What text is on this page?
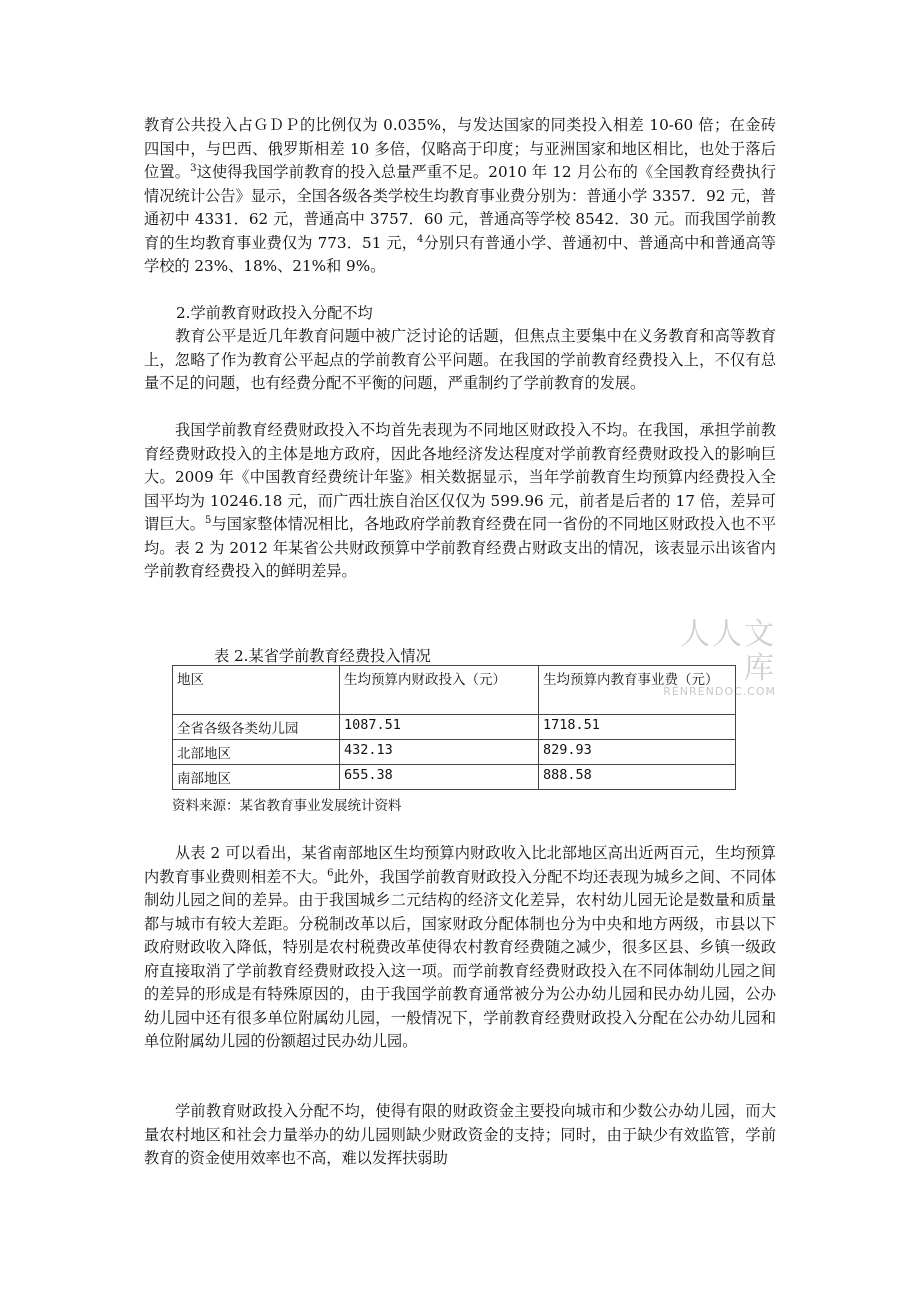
教育公共投入占ＧＤＰ的比例仅为 0.035%，与发达国家的同类投入相差 10-60 倍；在金砖四国中，与巴西、俄罗斯相差 10 多倍，仅略高于印度；与亚洲国家和地区相比，也处于落后位置。$^3$这使得我国学前教育的投入总量严重不足。2010 年 12 月公布的《全国教育经费执行情况统计公告》显示，全国各级各类学校生均教育事业费分别为：普通小学 3357．92 元，普通初中 4331．62 元，普通高中 3757．60 元，普通高等学校 8542．30 元。而我国学前教育的生均教育事业费仅为 773．51 元，$^4$分别只有普通小学、普通初中、普通高中和普通高等学校的 23%、18%、21%和 9%。

2.学前教育财政投入分配不均

教育公平是近几年教育问题中被广泛讨论的话题，但焦点主要集中在义务教育和高等教育上，忽略了作为教育公平起点的学前教育公平问题。在我国的学前教育经费投入上，不仅有总量不足的问题，也有经费分配不平衡的问题，严重制约了学前教育的发展。

我国学前教育经费财政投入不均首先表现为不同地区财政投入不均。在我国，承担学前教育经费财政投入的主体是地方政府，因此各地经济发达程度对学前教育经费财政投入的影响巨大。2009 年《中国教育经费统计年鉴》相关数据显示，当年学前教育生均预算内经费投入全国平均为 10246.18 元，而广西壮族自治区仅仅为 599.96 元，前者是后者的 17 倍，差异可谓巨大。$^5$与国家整体情况相比，各地政府学前教育经费在同一省份的不同地区财政投入也不平均。表 2 为 2012 年某省公共财政预算中学前教育经费占财政支出的情况，该表显示出该省内学前教育经费投入的鲜明差异。

人人文库
RENRENDOC.COM
表 2.某省学前教育经费投入情况
地区	生均预算内财政投入（元）	生均预算内教育事业费（元）
全省各级各类幼儿园	1087.51	1718.51
北部地区	432.13	829.93
南部地区	655.38	888.58
资料来源：某省教育事业发展统计资料

从表 2 可以看出，某省南部地区生均预算内财政收入比北部地区高出近两百元，生均预算内教育事业费则相差不大。$^6$此外，我国学前教育财政投入分配不均还表现为城乡之间、不同体制幼儿园之间的差异。由于我国城乡二元结构的经济文化差异，农村幼儿园无论是数量和质量都与城市有较大差距。分税制改革以后，国家财政分配体制也分为中央和地方两级，市县以下政府财政收入降低，特别是农村税费改革使得农村教育经费随之减少，很多区县、乡镇一级政府直接取消了学前教育经费财政投入这一项。而学前教育经费财政投入在不同体制幼儿园之间的差异的形成是有特殊原因的，由于我国学前教育通常被分为公办幼儿园和民办幼儿园，公办幼儿园中还有很多单位附属幼儿园，一般情况下，学前教育经费财政投入分配在公办幼儿园和单位附属幼儿园的份额超过民办幼儿园。

学前教育财政投入分配不均，使得有限的财政资金主要投向城市和少数公办幼儿园，而大量农村地区和社会力量举办的幼儿园则缺少财政资金的支持；同时，由于缺少有效监管，学前教育的资金使用效率也不高，难以发挥扶弱助
